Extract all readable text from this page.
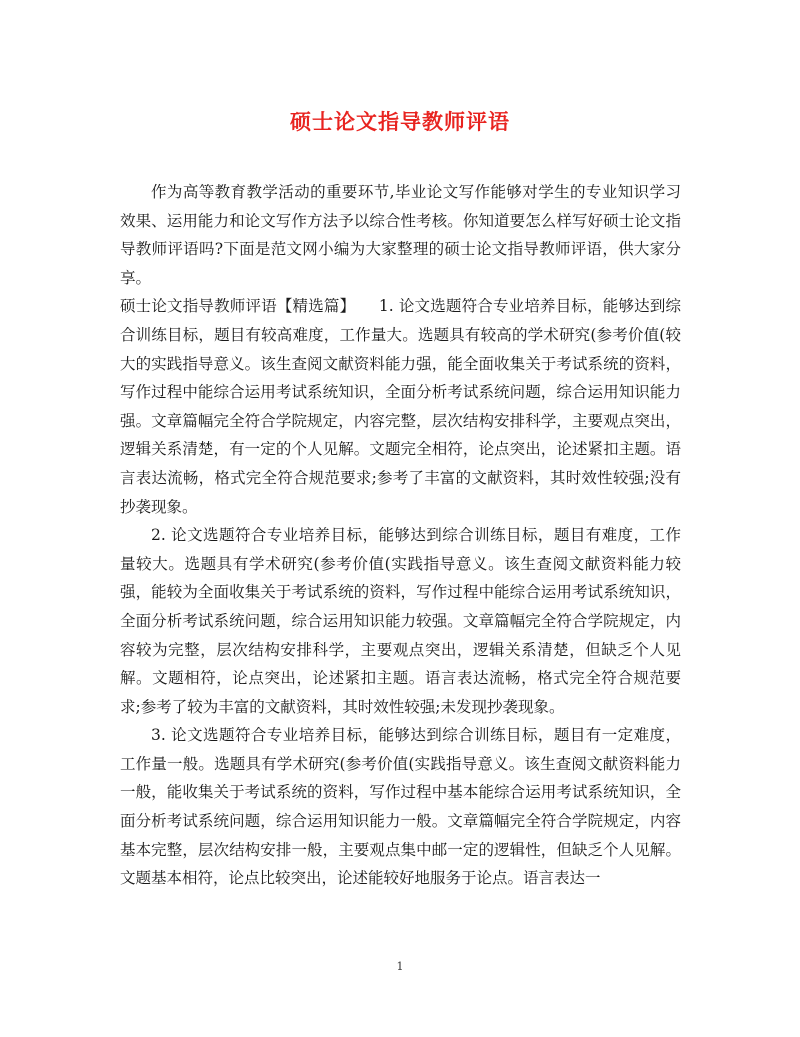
硕士论文指导教师评语

作为高等教育教学活动的重要环节,毕业论文写作能够对学生的专业知识学习效果、运用能力和论文写作方法予以综合性考核。你知道要怎么样写好硕士论文指导教师评语吗?下面是范文网小编为大家整理的硕士论文指导教师评语，供大家分享。

硕士论文指导教师评语【精选篇】　　1. 论文选题符合专业培养目标，能够达到综合训练目标，题目有较高难度，工作量大。选题具有较高的学术研究(参考价值(较大的实践指导意义。该生查阅文献资料能力强，能全面收集关于考试系统的资料，写作过程中能综合运用考试系统知识，全面分析考试系统问题，综合运用知识能力强。文章篇幅完全符合学院规定，内容完整，层次结构安排科学，主要观点突出，逻辑关系清楚，有一定的个人见解。文题完全相符，论点突出，论述紧扣主题。语言表达流畅，格式完全符合规范要求;参考了丰富的文献资料，其时效性较强;没有抄袭现象。

2. 论文选题符合专业培养目标，能够达到综合训练目标，题目有难度，工作量较大。选题具有学术研究(参考价值(实践指导意义。该生查阅文献资料能力较强，能较为全面收集关于考试系统的资料，写作过程中能综合运用考试系统知识，全面分析考试系统问题，综合运用知识能力较强。文章篇幅完全符合学院规定，内容较为完整，层次结构安排科学，主要观点突出，逻辑关系清楚，但缺乏个人见解。文题相符，论点突出，论述紧扣主题。语言表达流畅，格式完全符合规范要求;参考了较为丰富的文献资料，其时效性较强;未发现抄袭现象。

3. 论文选题符合专业培养目标，能够达到综合训练目标，题目有一定难度，工作量一般。选题具有学术研究(参考价值(实践指导意义。该生查阅文献资料能力一般，能收集关于考试系统的资料，写作过程中基本能综合运用考试系统知识，全面分析考试系统问题，综合运用知识能力一般。文章篇幅完全符合学院规定，内容基本完整，层次结构安排一般，主要观点集中邮一定的逻辑性，但缺乏个人见解。文题基本相符，论点比较突出，论述能较好地服务于论点。语言表达一

1
